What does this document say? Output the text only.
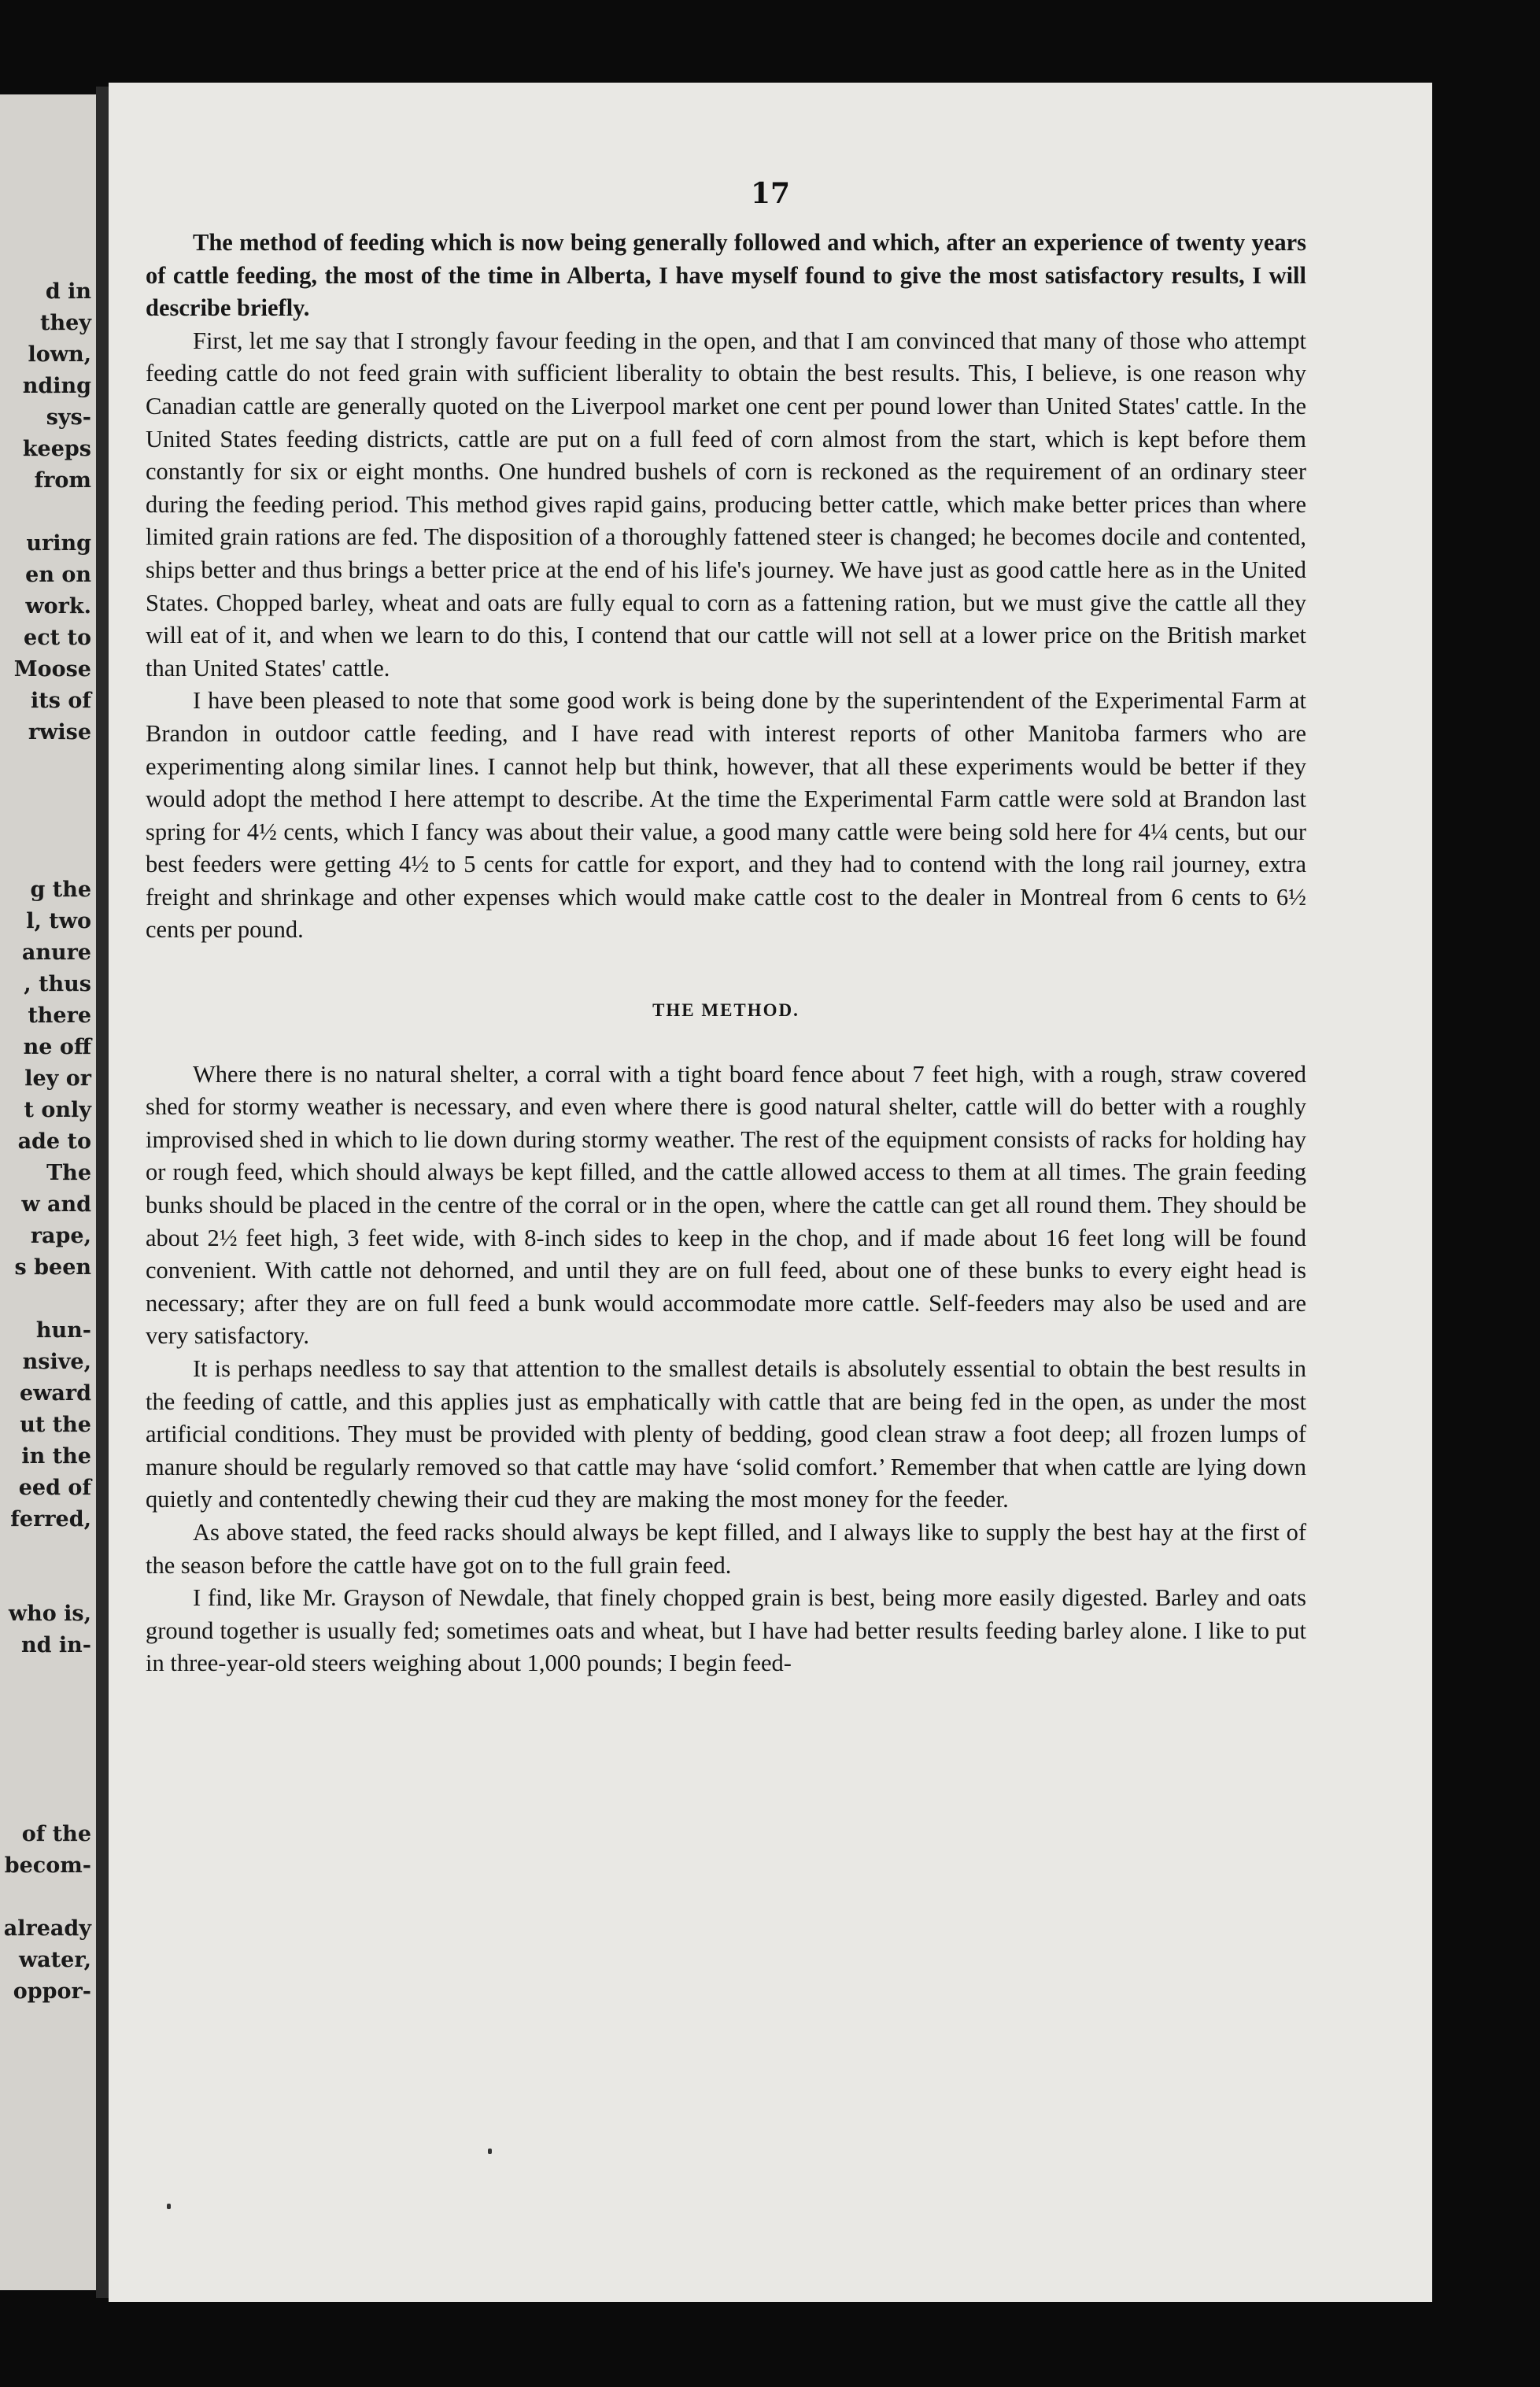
d in
they
lown,
nding
sys-
keeps
from
uring
en on
work.
ect to
Moose
its of
rwise
g the
l, two
anure
, thus
there
ne off
ley or
t only
ade to
The
w and
rape,
s been
hun-
nsive,
eward
ut the
in the
eed of
ferred,
who is,
nd in-
of the
becom-
already
water,
oppor-
17

The method of feeding which is now being generally followed and which, after an experience of twenty years of cattle feeding, the most of the time in Alberta, I have myself found to give the most satisfactory results, I will describe briefly.

First, let me say that I strongly favour feeding in the open, and that I am convinced that many of those who attempt feeding cattle do not feed grain with sufficient liberality to obtain the best results. This, I believe, is one reason why Canadian cattle are generally quoted on the Liverpool market one cent per pound lower than United States' cattle. In the United States feeding districts, cattle are put on a full feed of corn almost from the start, which is kept before them constantly for six or eight months. One hundred bushels of corn is reckoned as the requirement of an ordinary steer during the feeding period. This method gives rapid gains, producing better cattle, which make better prices than where limited grain rations are fed. The disposition of a thoroughly fattened steer is changed; he becomes docile and contented, ships better and thus brings a better price at the end of his life's journey. We have just as good cattle here as in the United States. Chopped barley, wheat and oats are fully equal to corn as a fattening ration, but we must give the cattle all they will eat of it, and when we learn to do this, I contend that our cattle will not sell at a lower price on the British market than United States' cattle.

I have been pleased to note that some good work is being done by the superintendent of the Experimental Farm at Brandon in outdoor cattle feeding, and I have read with interest reports of other Manitoba farmers who are experimenting along similar lines. I cannot help but think, however, that all these experiments would be better if they would adopt the method I here attempt to describe. At the time the Experimental Farm cattle were sold at Brandon last spring for 4½ cents, which I fancy was about their value, a good many cattle were being sold here for 4¼ cents, but our best feeders were getting 4½ to 5 cents for cattle for export, and they had to contend with the long rail journey, extra freight and shrinkage and other expenses which would make cattle cost to the dealer in Montreal from 6 cents to 6½ cents per pound.

THE METHOD.

Where there is no natural shelter, a corral with a tight board fence about 7 feet high, with a rough, straw covered shed for stormy weather is necessary, and even where there is good natural shelter, cattle will do better with a roughly improvised shed in which to lie down during stormy weather. The rest of the equipment consists of racks for holding hay or rough feed, which should always be kept filled, and the cattle allowed access to them at all times. The grain feeding bunks should be placed in the centre of the corral or in the open, where the cattle can get all round them. They should be about 2½ feet high, 3 feet wide, with 8-inch sides to keep in the chop, and if made about 16 feet long will be found convenient. With cattle not dehorned, and until they are on full feed, about one of these bunks to every eight head is necessary; after they are on full feed a bunk would accommodate more cattle. Self-feeders may also be used and are very satisfactory.

It is perhaps needless to say that attention to the smallest details is absolutely essential to obtain the best results in the feeding of cattle, and this applies just as emphatically with cattle that are being fed in the open, as under the most artificial conditions. They must be provided with plenty of bedding, good clean straw a foot deep; all frozen lumps of manure should be regularly removed so that cattle may have ‘solid comfort.’ Remember that when cattle are lying down quietly and contentedly chewing their cud they are making the most money for the feeder.

As above stated, the feed racks should always be kept filled, and I always like to supply the best hay at the first of the season before the cattle have got on to the full grain feed.

I find, like Mr. Grayson of Newdale, that finely chopped grain is best, being more easily digested. Barley and oats ground together is usually fed; sometimes oats and wheat, but I have had better results feeding barley alone. I like to put in three-year-old steers weighing about 1,000 pounds; I begin feed-
